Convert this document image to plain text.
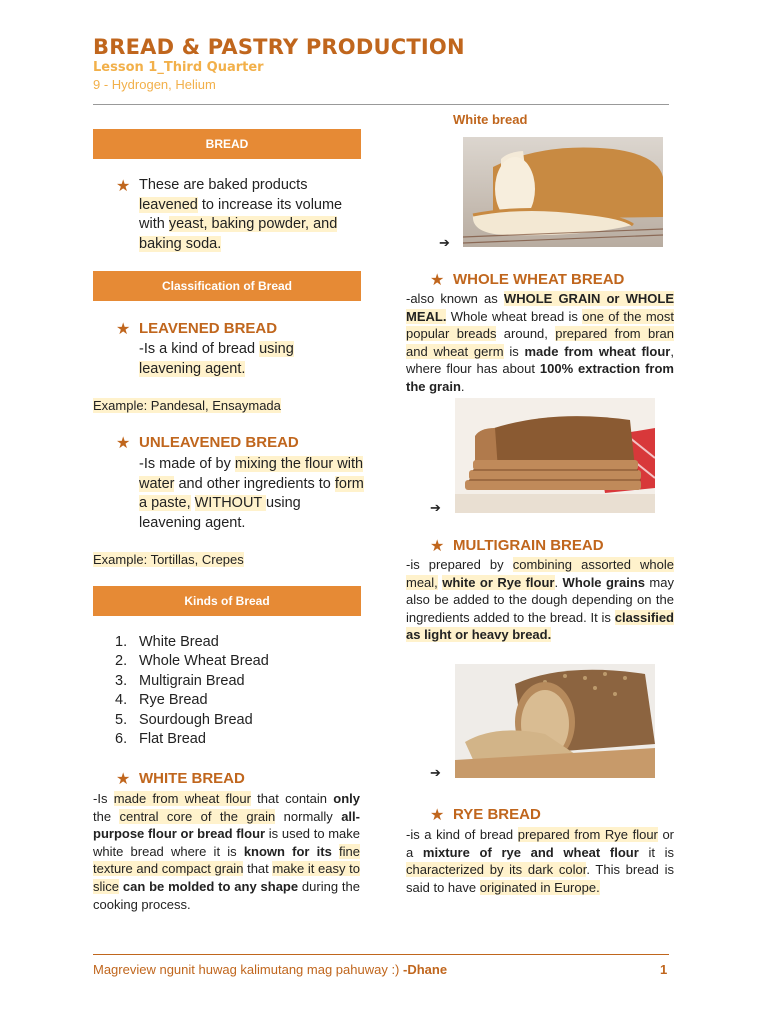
BREAD & PASTRY PRODUCTION
Lesson 1_Third Quarter
9 - Hydrogen, Helium
BREAD
★ These are baked products leavened to increase its volume with yeast, baking powder, and baking soda.
Classification of Bread
★ LEAVENED BREAD
-Is a kind of bread using leavening agent.
Example: Pandesal, Ensaymada
★ UNLEAVENED BREAD
-Is made of by mixing the flour with water and other ingredients to form a paste, WITHOUT using leavening agent.
Example: Tortillas, Crepes
Kinds of Bread
1. White Bread
2. Whole Wheat Bread
3. Multigrain Bread
4. Rye Bread
5. Sourdough Bread
6. Flat Bread
★ WHITE BREAD
-Is made from wheat flour that contain only the central core of the grain normally all-purpose flour or bread flour is used to make white bread where it is known for its fine texture and compact grain that make it easy to slice can be molded to any shape during the cooking process.
White bread
➔
★ WHOLE WHEAT BREAD
-also known as WHOLE GRAIN or WHOLE MEAL. Whole wheat bread is one of the most popular breads around, prepared from bran and wheat germ is made from wheat flour, where flour has about 100% extraction from the grain.
➔
★ MULTIGRAIN BREAD
-is prepared by combining assorted whole meal, white or Rye flour. Whole grains may also be added to the dough depending on the ingredients added to the bread. It is classified as light or heavy bread.
➔
★ RYE BREAD
-is a kind of bread prepared from Rye flour or a mixture of rye and wheat flour it is characterized by its dark color. This bread is said to have originated in Europe.
Magreview ngunit huwag kalimutang mag pahuway :) -Dhane	1
